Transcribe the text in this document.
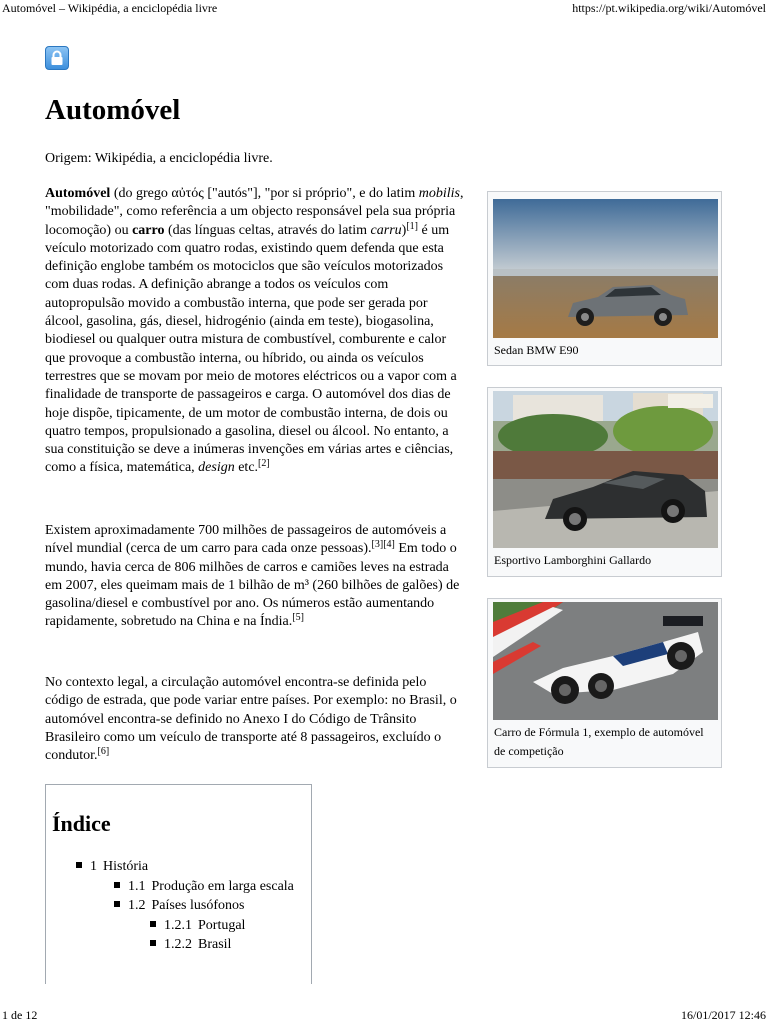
Automóvel – Wikipédia, a enciclopédia livre	https://pt.wikipedia.org/wiki/Automóvel
1 de 12	16/01/2017 12:46
Automóvel
Origem: Wikipédia, a enciclopédia livre.
Automóvel (do grego αὐτός ["autós"], "por si próprio", e do latim mobilis, "mobilidade", como referência a um objecto responsável pela sua própria locomoção) ou carro (das línguas celtas, através do latim carru)[1] é um veículo motorizado com quatro rodas, existindo quem defenda que esta definição englobe também os motociclos que são veículos motorizados com duas rodas. A definição abrange a todos os veículos com autopropulsão movido a combustão interna, que pode ser gerada por álcool, gasolina, gás, diesel, hidrogénio (ainda em teste), biogasolina, biodiesel ou qualquer outra mistura de combustível, comburente e calor que provoque a combustão interna, ou híbrido, ou ainda os veículos terrestres que se movam por meio de motores eléctricos ou a vapor com a finalidade de transporte de passageiros e carga. O automóvel dos dias de hoje dispõe, tipicamente, de um motor de combustão interna, de dois ou quatro tempos, propulsionado a gasolina, diesel ou álcool. No entanto, a sua constituição se deve a inúmeras invenções em várias artes e ciências, como a física, matemática, design etc.[2]
Existem aproximadamente 700 milhões de passageiros de automóveis a nível mundial (cerca de um carro para cada onze pessoas).[3][4] Em todo o mundo, havia cerca de 806 milhões de carros e camiões leves na estrada em 2007, eles queimam mais de 1 bilhão de m³ (260 bilhões de galões) de gasolina/diesel e combustível por ano. Os números estão aumentando rapidamente, sobretudo na China e na Índia.[5]
No contexto legal, a circulação automóvel encontra-se definida pelo código de estrada, que pode variar entre países. Por exemplo: no Brasil, o automóvel encontra-se definido no Anexo I do Código de Trânsito Brasileiro como um veículo de transporte até 8 passageiros, excluído o condutor.[6]
Sedan BMW E90
Esportivo Lamborghini Gallardo
Carro de Fórmula 1, exemplo de automóvel de competição
Índice
1 História
1.1 Produção em larga escala
1.2 Países lusófonos
1.2.1 Portugal
1.2.2 Brasil
